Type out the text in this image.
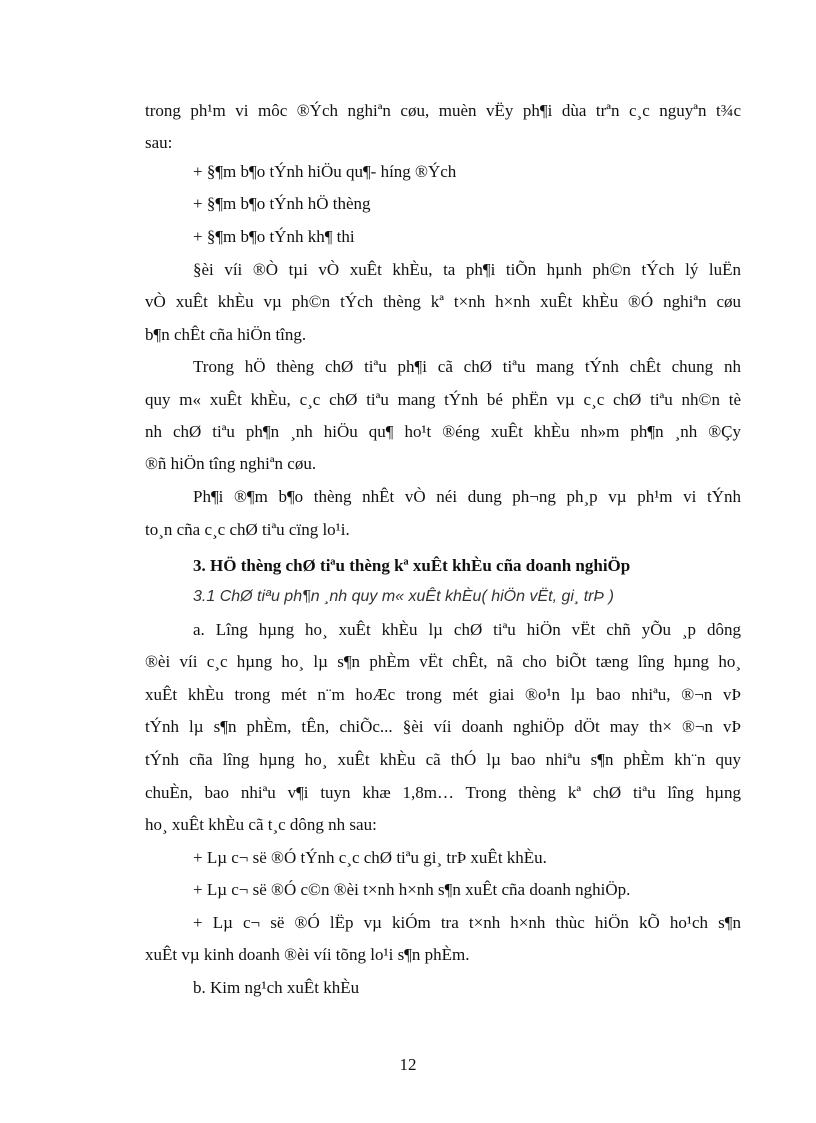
trong ph¹m vi môc ®Ých nghiªn cøu, muèn vËy ph¶i dùa trªn c¸c nguyªn t¾c
sau:
+ §¶m b¶o tÝnh hiÖu qu¶- híng ®Ých
+ §¶m b¶o tÝnh hÖ thèng
+ §¶m b¶o tÝnh kh¶ thi
§èi víi ®Ò tµi vÒ xuÊt khÈu, ta ph¶i tiÕn hµnh ph©n tÝch lý luËn
vÒ xuÊt khÈu vµ ph©n tÝch thèng kª t×nh h×nh xuÊt khÈu ®Ó nghiªn cøu
b¶n chÊt cña hiÖn tîng.
Trong hÖ thèng chØ tiªu ph¶i cã chØ tiªu mang tÝnh chÊt chung nh
quy m« xuÊt khÈu, c¸c chØ tiªu mang tÝnh bé phËn vµ c¸c chØ tiªu nh©n tè
nh chØ tiªu ph¶n ¸nh hiÖu qu¶ ho¹t ®éng xuÊt khÈu nh»m ph¶n ¸nh ®Çy
®ñ hiÖn tîng nghiªn cøu.
Ph¶i ®¶m b¶o thèng nhÊt vÒ néi dung ph¬ng ph¸p vµ ph¹m vi tÝnh
to¸n cña c¸c chØ tiªu cïng lo¹i.
3. HÖ thèng chØ tiªu thèng kª xuÊt khÈu cña doanh nghiÖp
3.1 ChØ tiªu ph¶n ¸nh quy m« xuÊt khÈu( hiÖn vËt, gi¸ trÞ )
a. Lîng hµng ho¸ xuÊt khÈu lµ chØ tiªu hiÖn vËt chñ yÕu ¸p dông
®èi víi c¸c hµng ho¸ lµ s¶n phÈm vËt chÊt, nã cho biÕt tæng lîng hµng ho¸
xuÊt khÈu trong mét n¨m hoÆc trong mét giai ®o¹n lµ bao nhiªu, ®¬n vÞ
tÝnh lµ s¶n phÈm, tÊn, chiÕc... §èi víi doanh nghiÖp dÖt may th× ®¬n vÞ
tÝnh cña lîng hµng ho¸ xuÊt khÈu cã thÓ lµ bao nhiªu s¶n phÈm kh¨n quy
chuÈn, bao nhiªu v¶i tuyn khæ 1,8m… Trong thèng kª chØ tiªu lîng hµng
ho¸ xuÊt khÈu cã t¸c dông nh sau:
+ Lµ c¬ së ®Ó tÝnh c¸c chØ tiªu gi¸ trÞ xuÊt khÈu.
+ Lµ c¬ së ®Ó c©n ®èi t×nh h×nh s¶n xuÊt cña doanh nghiÖp.
+ Lµ c¬ së ®Ó lËp vµ kiÓm tra t×nh h×nh thùc hiÖn kÕ ho¹ch s¶n
xuÊt vµ kinh doanh ®èi víi tõng lo¹i s¶n phÈm.
b. Kim ng¹ch xuÊt khÈu
12
